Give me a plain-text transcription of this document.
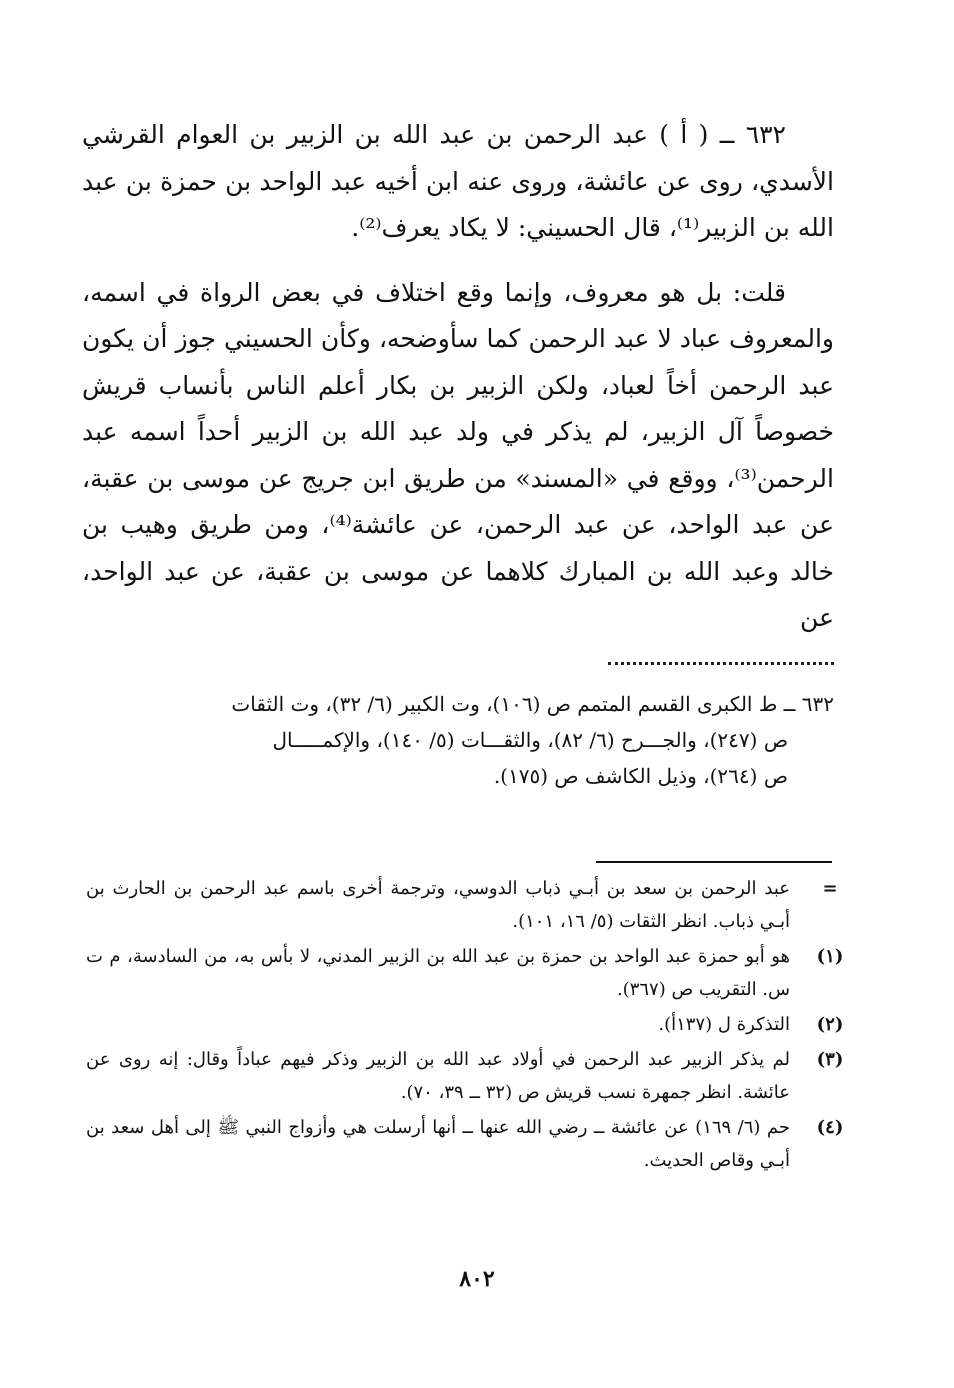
٦٣٢ ــ ( أ ) عبد الرحمن بن عبد الله بن الزبير بن العوام القرشي الأسدي، روى عن عائشة، وروى عنه ابن أخيه عبد الواحد بن حمزة بن عبد الله بن الزبير⁽¹⁾، قال الحسيني: لا يكاد يعرف⁽²⁾.

قلت: بل هو معروف، وإنما وقع اختلاف في بعض الرواة في اسمه، والمعروف عباد لا عبد الرحمن كما سأوضحه، وكأن الحسيني جوز أن يكون عبد الرحمن أخاً لعباد، ولكن الزبير بن بكار أعلم الناس بأنساب قريش خصوصاً آل الزبير، لم يذكر في ولد عبد الله بن الزبير أحداً اسمه عبد الرحمن⁽³⁾، ووقع في «المسند» من طريق ابن جريج عن موسى بن عقبة، عن عبد الواحد، عن عبد الرحمن، عن عائشة⁽⁴⁾، ومن طريق وهيب بن خالد وعبد الله بن المبارك كلاهما عن موسى بن عقبة، عن عبد الواحد، عن

٦٣٢ ــ ط الكبرى القسم المتمم ص (١٠٦)، وت الكبير (٦/ ٣٢)، وت الثقات
ص (٢٤٧)، والجـــرح (٦/ ٨٢)، والثقـــات (٥/ ١٤٠)، والإكمـــــال
ص (٢٦٤)، وذيل الكاشف ص (١٧٥).
=
عبد الرحمن بن سعد بن أبـي ذباب الدوسي، وترجمة أخرى باسم عبد الرحمن بن الحارث بن أبـي ذباب. انظر الثقات (٥/ ١٦، ١٠١).
(١)
هو أبو حمزة عبد الواحد بن حمزة بن عبد الله بن الزبير المدني، لا بأس به، من السادسة، م ت س. التقريب ص (٣٦٧).
(٢)
التذكرة ل (١٣٧أ).
(٣)
لم يذكر الزبير عبد الرحمن في أولاد عبد الله بن الزبير وذكر فيهم عباداً وقال: إنه روى عن عائشة. انظر جمهرة نسب قريش ص (٣٢ ــ ٣٩، ٧٠).
(٤)
حم (٦/ ١٦٩) عن عائشة ــ رضي الله عنها ــ أنها أرسلت هي وأزواج النبي ﷺ إلى أهل سعد بن أبـي وقاص الحديث.
٨٠٢
